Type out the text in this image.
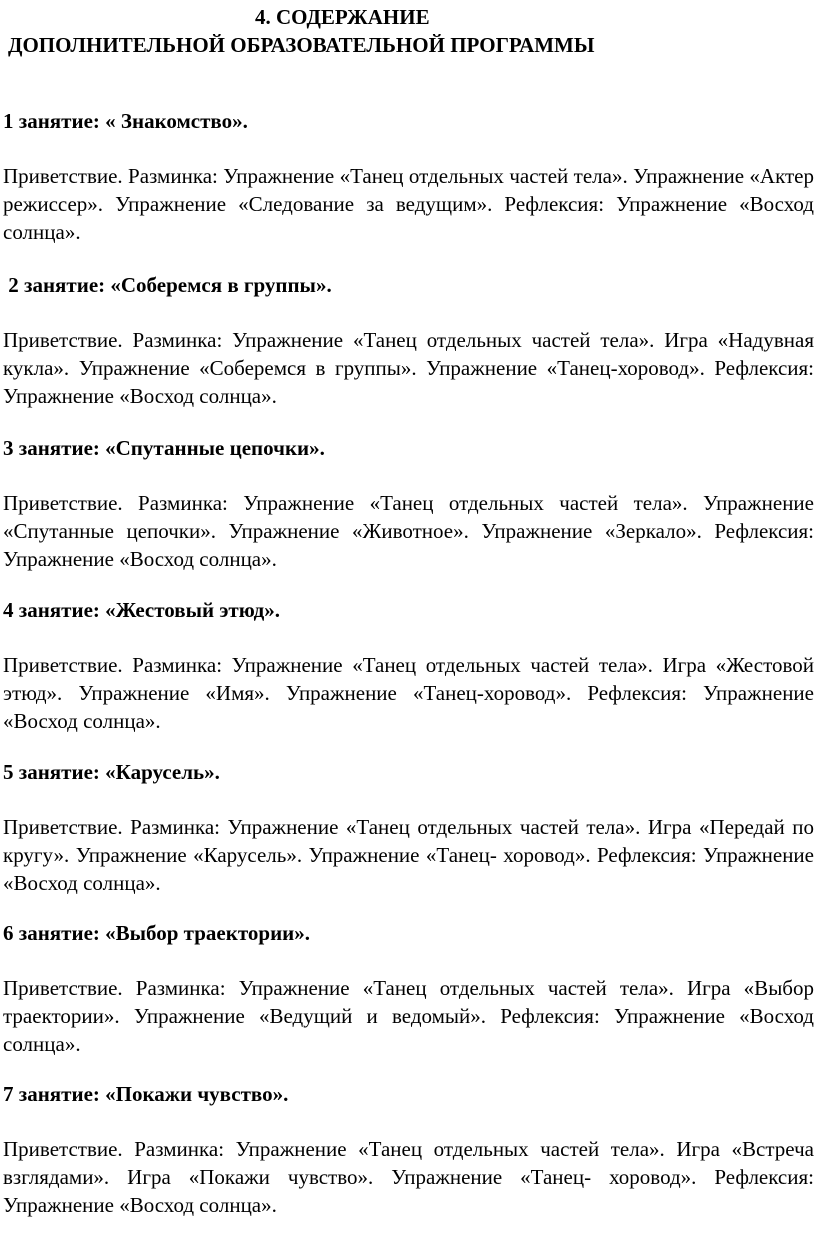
4. СОДЕРЖАНИЕ
ДОПОЛНИТЕЛЬНОЙ ОБРАЗОВАТЕЛЬНОЙ ПРОГРАММЫ

1 занятие: « Знакомство».

Приветствие. Разминка: Упражнение «Танец отдельных частей тела». Упражнение «Актер режиссер». Упражнение «Следование за ведущим». Рефлексия: Упражнение «Восход солнца».

2 занятие: «Соберемся в группы».

Приветствие. Разминка: Упражнение «Танец отдельных частей тела». Игра «Надувная кукла». Упражнение «Соберемся в группы». Упражнение «Танец-хоровод». Рефлексия: Упражнение «Восход солнца».

3 занятие: «Спутанные цепочки».

Приветствие. Разминка: Упражнение «Танец отдельных частей тела». Упражнение «Спутанные цепочки». Упражнение «Животное». Упражнение «Зеркало». Рефлексия: Упражнение «Восход солнца».

4 занятие: «Жестовый этюд».

Приветствие. Разминка: Упражнение «Танец отдельных частей тела». Игра «Жестовой этюд». Упражнение «Имя». Упражнение «Танец-хоровод». Рефлексия: Упражнение «Восход солнца».

5 занятие: «Карусель».

Приветствие. Разминка: Упражнение «Танец отдельных частей тела». Игра «Передай по кругу». Упражнение «Карусель». Упражнение «Танец- хоровод». Рефлексия: Упражнение «Восход солнца».

6 занятие: «Выбор траектории».

Приветствие. Разминка: Упражнение «Танец отдельных частей тела». Игра «Выбор траектории». Упражнение «Ведущий и ведомый». Рефлексия: Упражнение «Восход солнца».

7 занятие: «Покажи чувство».

Приветствие. Разминка: Упражнение «Танец отдельных частей тела». Игра «Встреча взглядами». Игра «Покажи чувство». Упражнение «Танец- хоровод». Рефлексия: Упражнение «Восход солнца».
